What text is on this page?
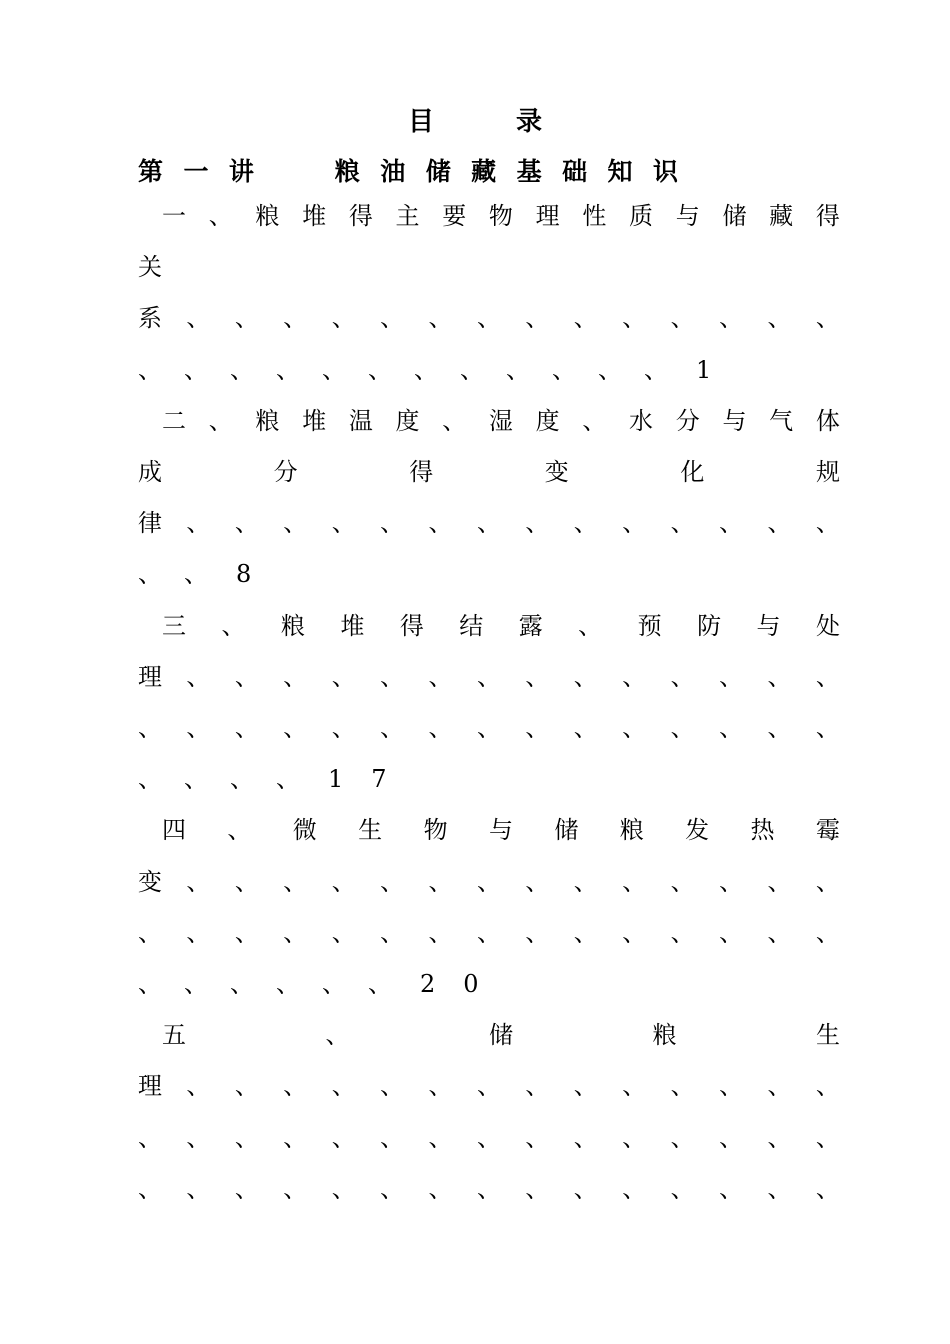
目	录
第 一 讲	粮 油 储 藏 基 础 知 识
一 、 粮 堆 得 主 要 物 理 性 质 与 储 藏 得
关
系 、 、 、 、 、 、 、 、 、 、 、 、 、 、
、 、 、 、 、 、 、 、 、 、 、 、 1
二 、 粮 堆 温 度 、 湿 度 、 水 分 与 气 体
成	分	得	变	化	规
律 、 、 、 、 、 、 、 、 、 、 、 、 、 、
、 、 8
三 、 粮 堆 得 结 露 、 预 防 与 处
理 、 、 、 、 、 、 、 、 、 、 、 、 、 、
、 、 、 、 、 、 、 、 、 、 、 、 、 、 、
、 、 、 、 1 7
四 、 微 生 物 与 储 粮 发 热 霉
变 、 、 、 、 、 、 、 、 、 、 、 、 、 、
、 、 、 、 、 、 、 、 、 、 、 、 、 、 、
、 、 、 、 、 、 2 0
五	、	储	粮	生
理 、 、 、 、 、 、 、 、 、 、 、 、 、 、
、 、 、 、 、 、 、 、 、 、 、 、 、 、 、
、 、 、 、 、 、 、 、 、 、 、 、 、 、 、
